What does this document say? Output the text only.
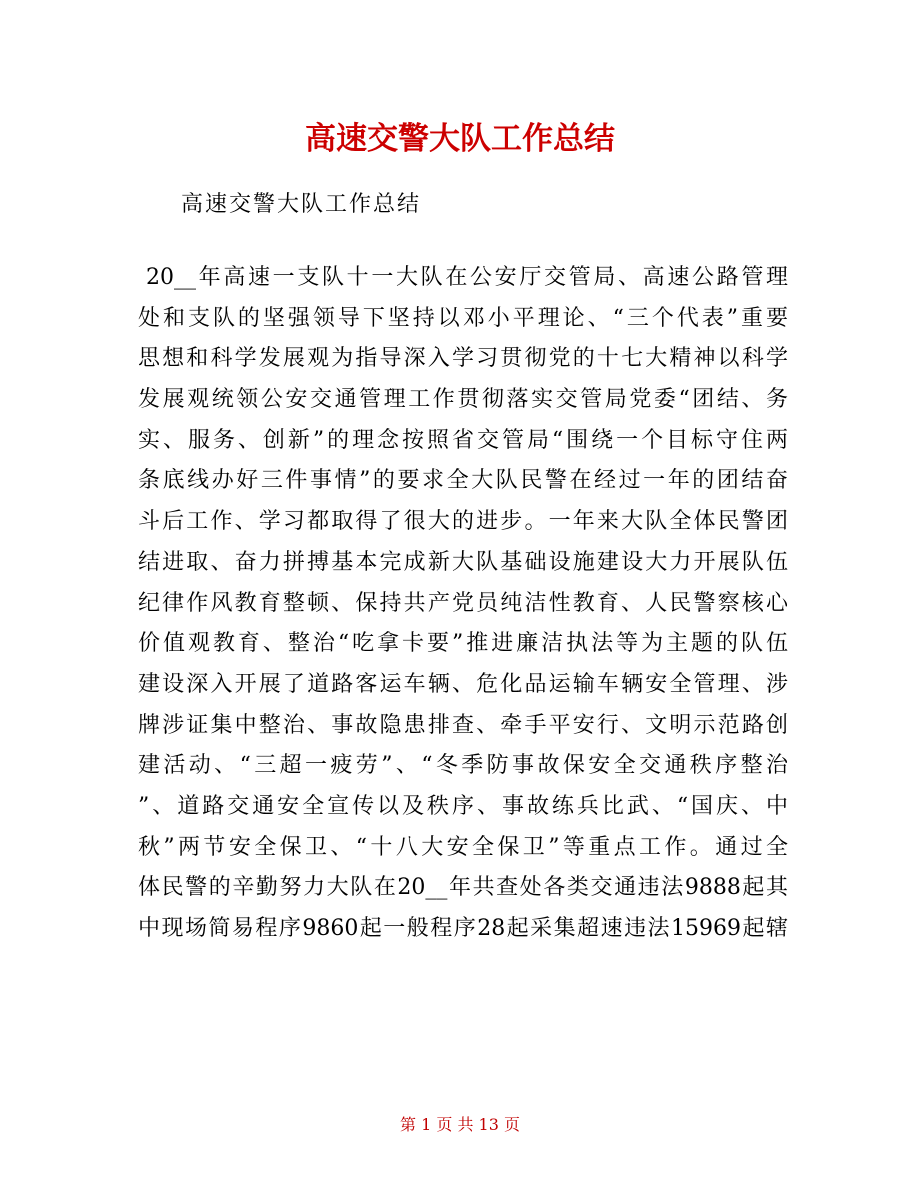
高速交警大队工作总结
高速交警大队工作总结
20__年高速一支队十一大队在公安厅交管局、高速公路管理
处和支队的坚强领导下坚持以邓小平理论、“三个代表”重要
思想和科学发展观为指导深入学习贯彻党的十七大精神以科学
发展观统领公安交通管理工作贯彻落实交管局党委“团结、务
实、服务、创新”的理念按照省交管局“围绕一个目标守住两
条底线办好三件事情”的要求全大队民警在经过一年的团结奋
斗后工作、学习都取得了很大的进步。一年来大队全体民警团
结进取、奋力拼搏基本完成新大队基础设施建设大力开展队伍
纪律作风教育整顿、保持共产党员纯洁性教育、人民警察核心
价值观教育、整治“吃拿卡要”推进廉洁执法等为主题的队伍
建设深入开展了道路客运车辆、危化品运输车辆安全管理、涉
牌涉证集中整治、事故隐患排查、牵手平安行、文明示范路创
建活动、“三超一疲劳”、“冬季防事故保安全交通秩序整治
”、道路交通安全宣传以及秩序、事故练兵比武、“国庆、中
秋”两节安全保卫、“十八大安全保卫”等重点工作。通过全
体民警的辛勤努力大队在20__年共查处各类交通违法9888起其
中现场简易程序9860起一般程序28起采集超速违法15969起辖
第 1 页 共 13 页
